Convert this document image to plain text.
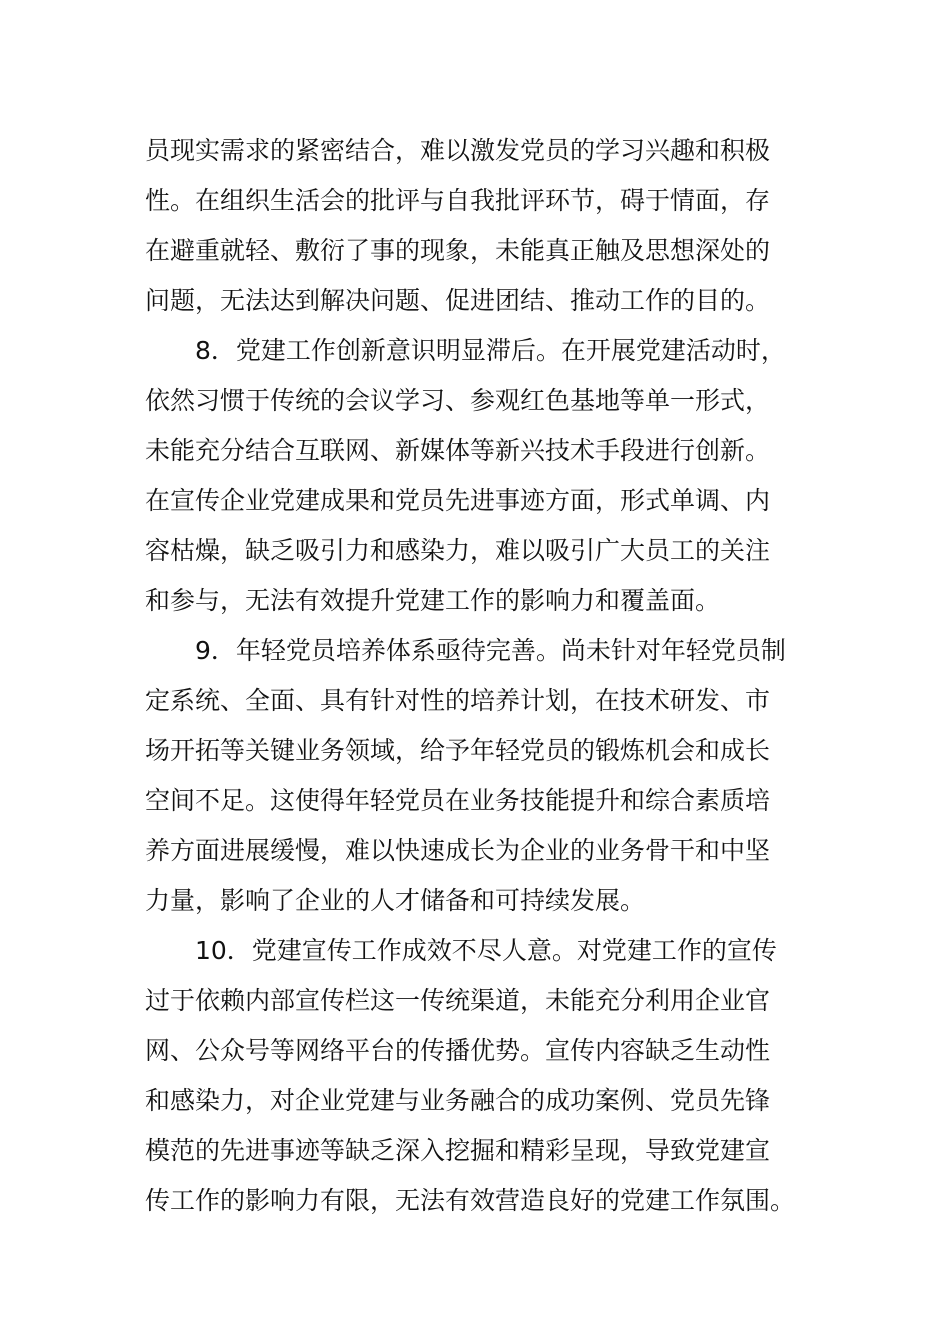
员现实需求的紧密结合，难以激发党员的学习兴趣和积极
性。在组织生活会的批评与自我批评环节，碍于情面，存
在避重就轻、敷衍了事的现象，未能真正触及思想深处的
问题，无法达到解决问题、促进团结、推动工作的目的。
8．党建工作创新意识明显滞后。在开展党建活动时，
依然习惯于传统的会议学习、参观红色基地等单一形式，
未能充分结合互联网、新媒体等新兴技术手段进行创新。
在宣传企业党建成果和党员先进事迹方面，形式单调、内
容枯燥，缺乏吸引力和感染力，难以吸引广大员工的关注
和参与，无法有效提升党建工作的影响力和覆盖面。
9．年轻党员培养体系亟待完善。尚未针对年轻党员制
定系统、全面、具有针对性的培养计划，在技术研发、市
场开拓等关键业务领域，给予年轻党员的锻炼机会和成长
空间不足。这使得年轻党员在业务技能提升和综合素质培
养方面进展缓慢，难以快速成长为企业的业务骨干和中坚
力量，影响了企业的人才储备和可持续发展。
10．党建宣传工作成效不尽人意。对党建工作的宣传
过于依赖内部宣传栏这一传统渠道，未能充分利用企业官
网、公众号等网络平台的传播优势。宣传内容缺乏生动性
和感染力，对企业党建与业务融合的成功案例、党员先锋
模范的先进事迹等缺乏深入挖掘和精彩呈现，导致党建宣
传工作的影响力有限，无法有效营造良好的党建工作氛围。
